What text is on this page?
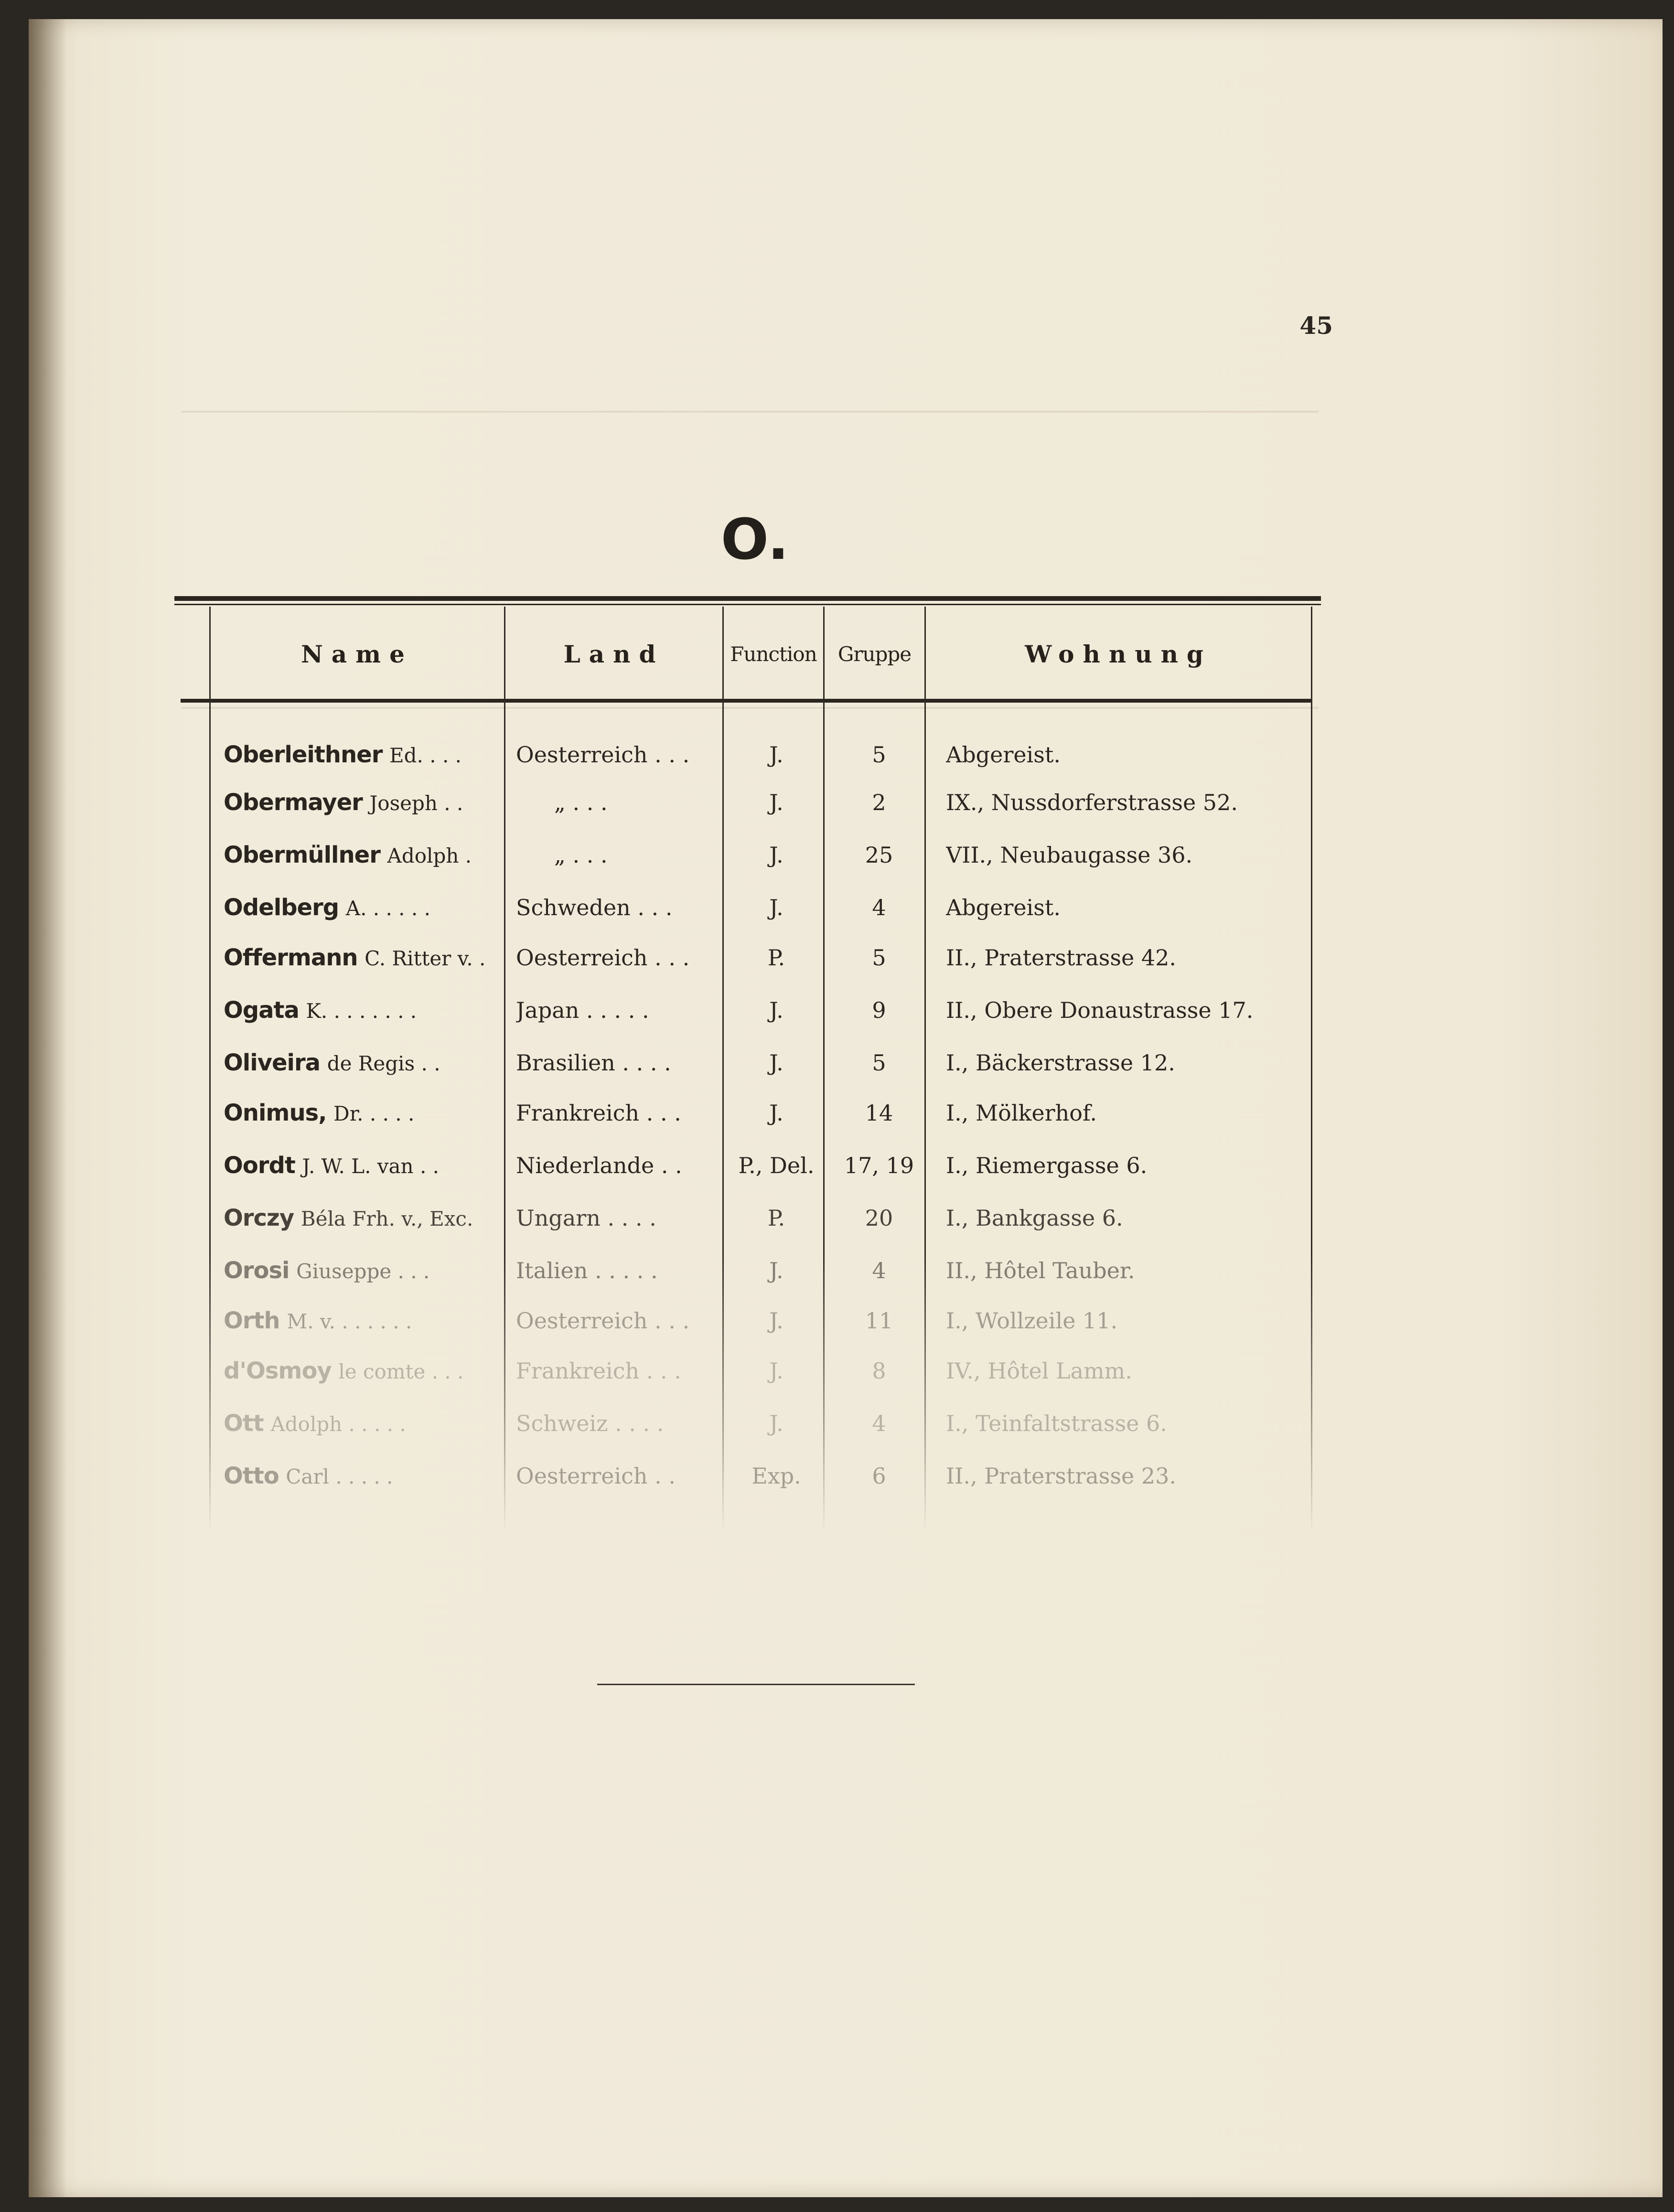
45
O.
Name	Land	Function	Gruppe	Wohnung
Oberleithner Ed. . . .	Oesterreich . . .	J.	5	Abgereist.
Obermayer Joseph . .	„ . . .	J.	2	IX., Nussdorferstrasse 52.
Obermüllner Adolph .	„ . . .	J.	25	VII., Neubaugasse 36.
Odelberg A. . . . . .	Schweden . . .	J.	4	Abgereist.
Offermann C. Ritter v. .	Oesterreich . . .	P.	5	II., Praterstrasse 42.
Ogata K. . . . . . . .	Japan . . . . .	J.	9	II., Obere Donaustrasse 17.
Oliveira de Regis . .	Brasilien . . . .	J.	5	I., Bäckerstrasse 12.
Onimus, Dr. . . . .	Frankreich . . .	J.	14	I., Mölkerhof.
Oordt J. W. L. van . .	Niederlande . .	P., Del.	17, 19	I., Riemergasse 6.
Orczy Béla Frh. v., Exc.	Ungarn . . . .	P.	20	I., Bankgasse 6.
Orosi Giuseppe . . .	Italien . . . . .	J.	4	II., Hôtel Tauber.
Orth M. v. . . . . . .	Oesterreich . . .	J.	11	I., Wollzeile 11.
d'Osmoy le comte . . .	Frankreich . . .	J.	8	IV., Hôtel Lamm.
Ott Adolph . . . . .	Schweiz . . . .	J.	4	I., Teinfaltstrasse 6.
Otto Carl . . . . .	Oesterreich . .	Exp.	6	II., Praterstrasse 23.
